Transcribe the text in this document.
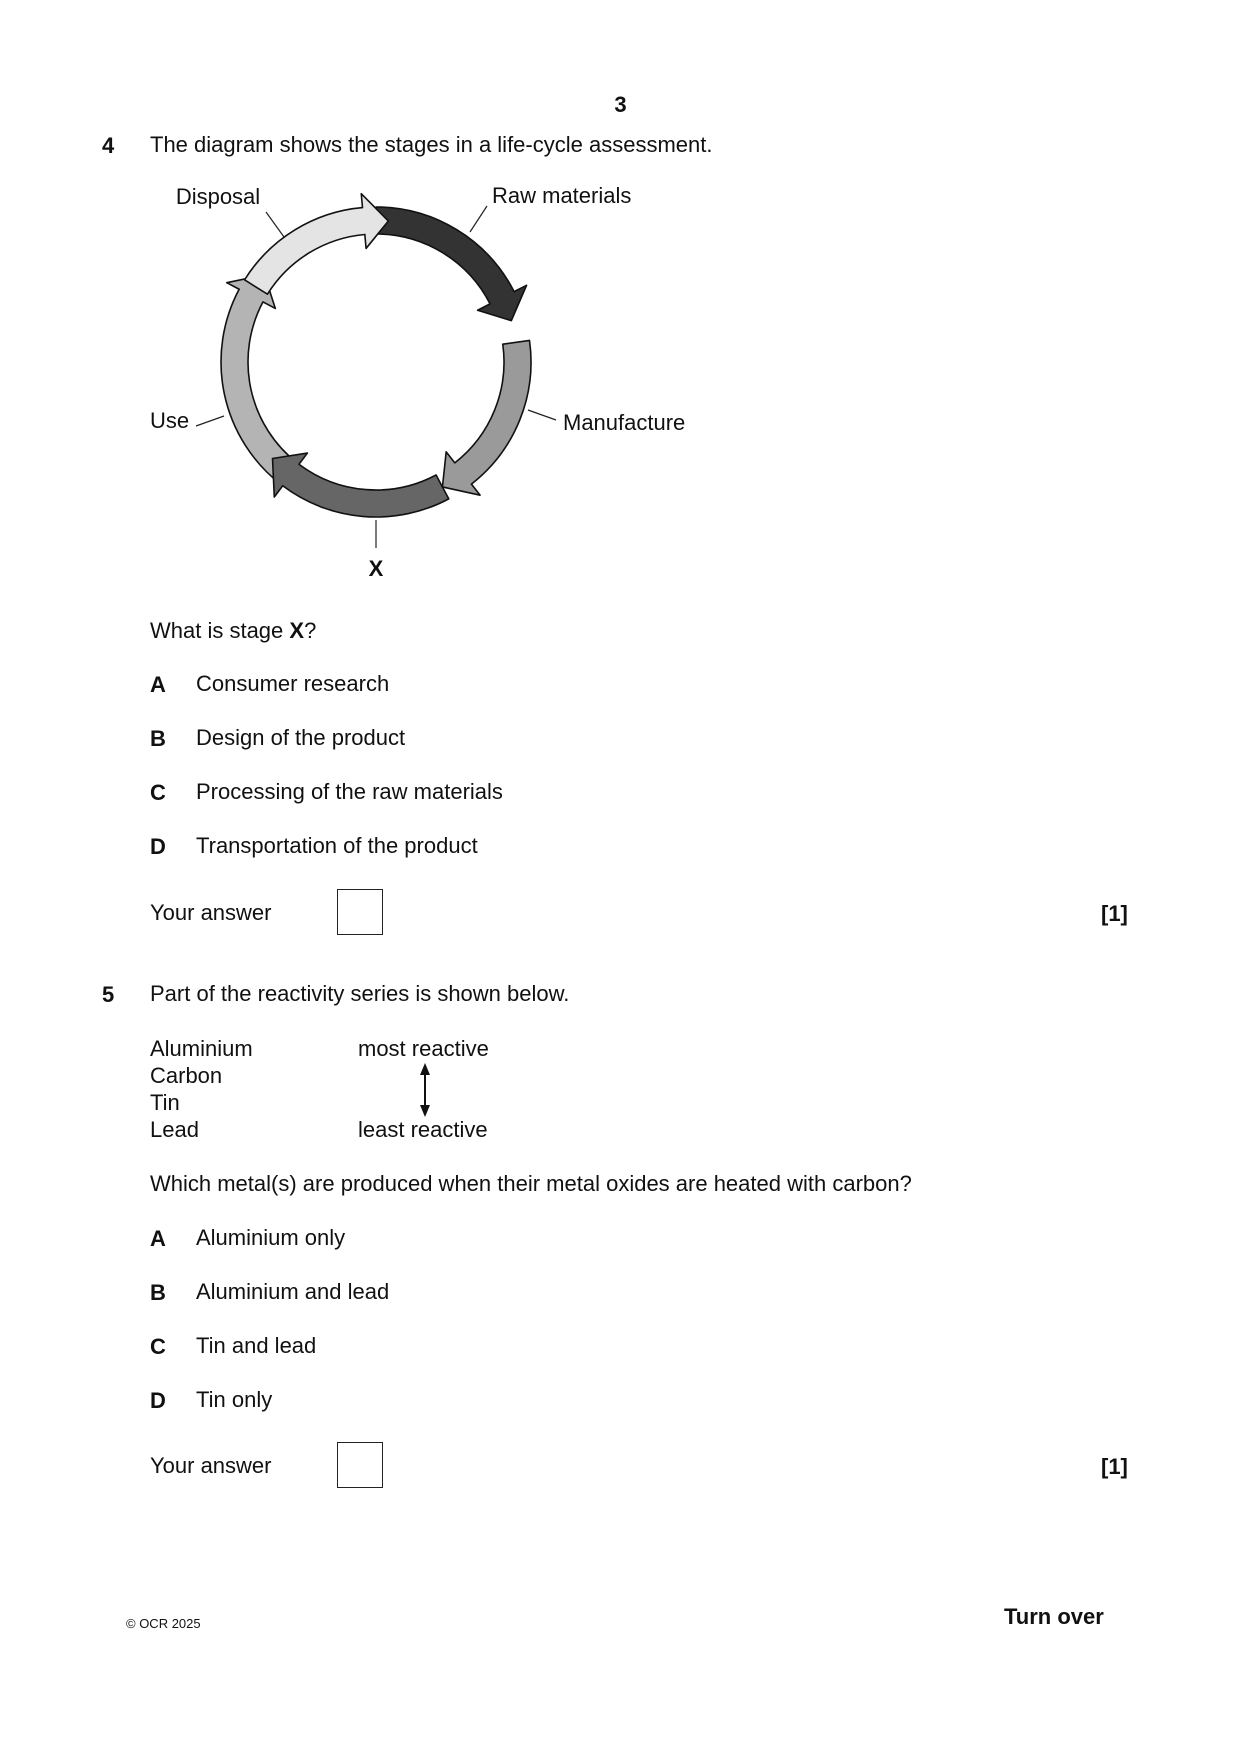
3
4 The diagram shows the stages in a life-cycle assessment.
Disposal	Raw materials
Manufacture
Use
X
What is stage X?
A Consumer research
B Design of the product
C Processing of the raw materials
D Transportation of the product
Your answer	[1]
5 Part of the reactivity series is shown below.
Aluminium
Carbon
Tin
Lead
most reactive
least reactive
Which metal(s) are produced when their metal oxides are heated with carbon?
A Aluminium only
B Aluminium and lead
C Tin and lead
D Tin only
Your answer	[1]
© OCR 2025	Turn over
